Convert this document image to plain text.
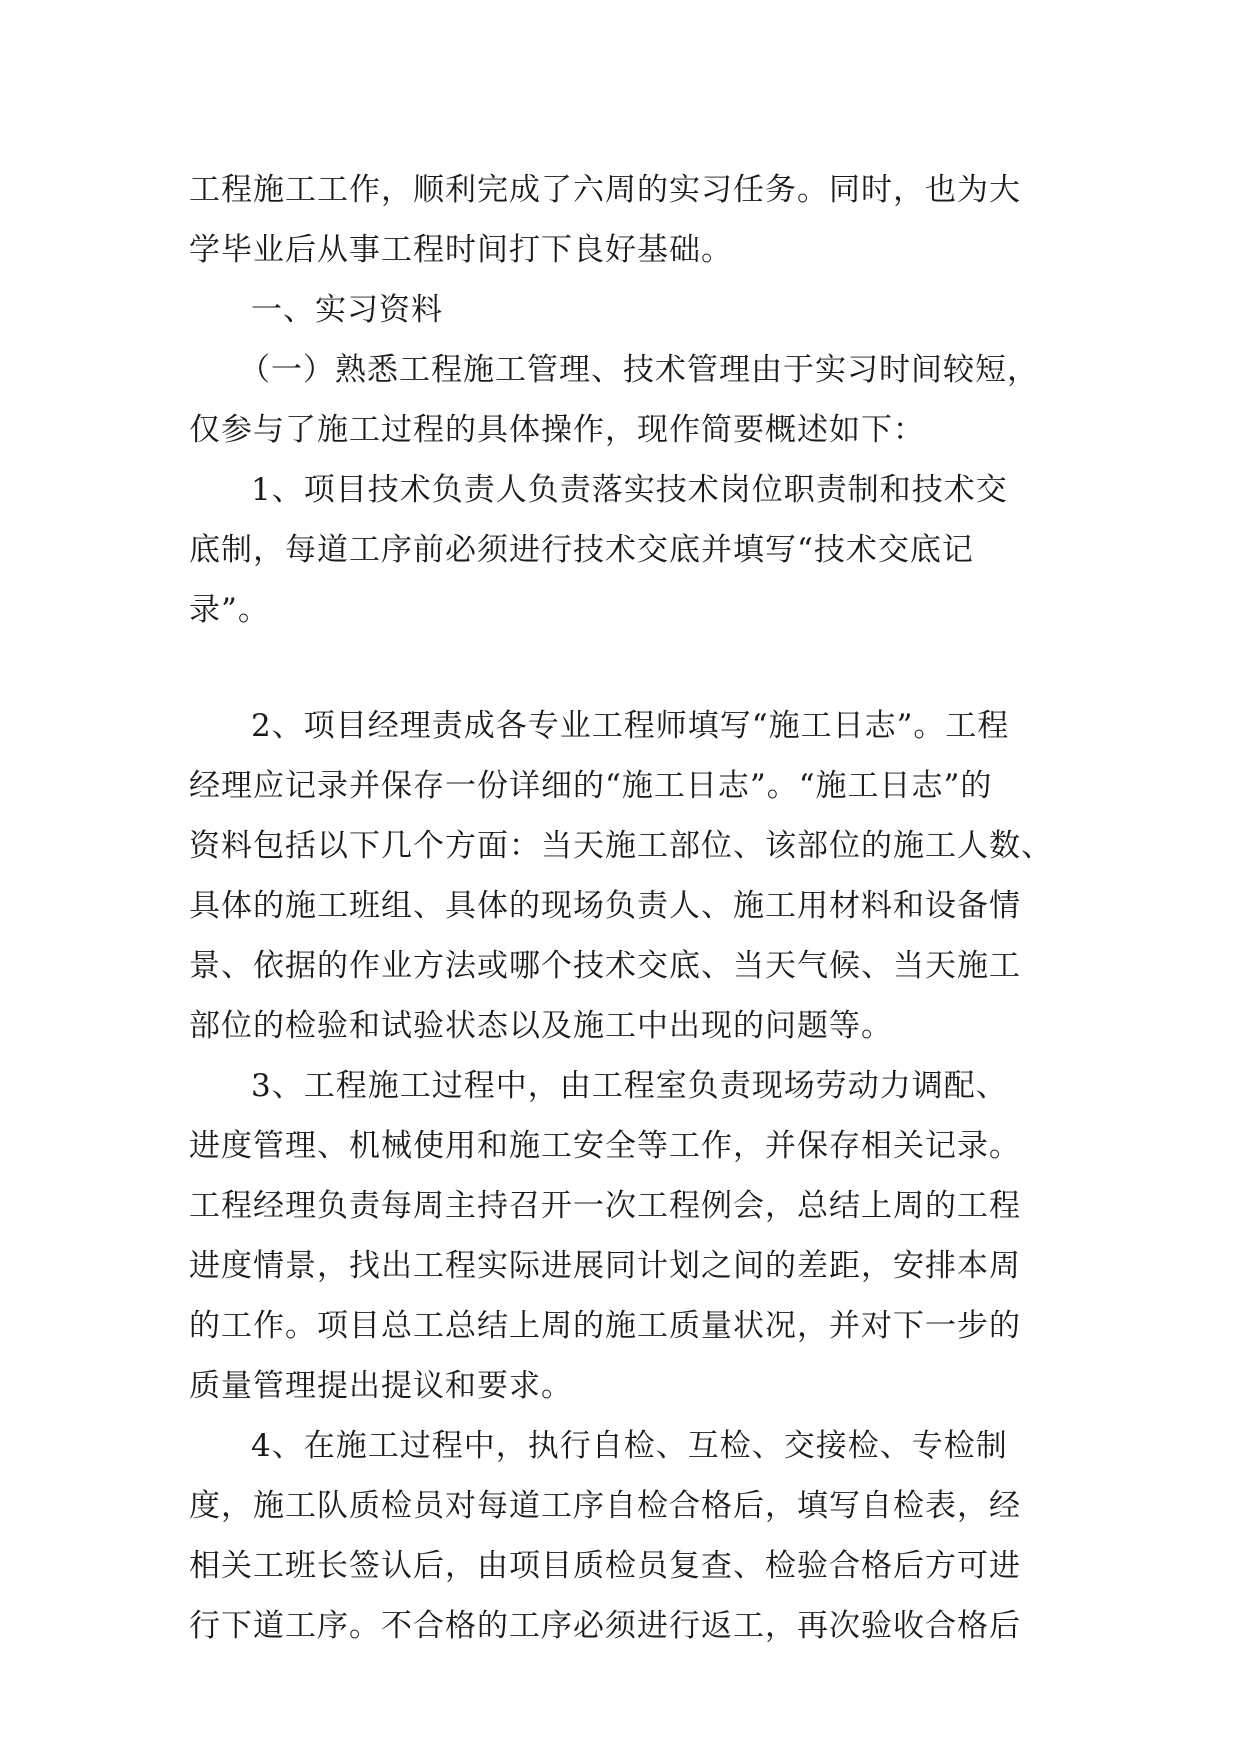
工程施工工作，顺利完成了六周的实习任务。同时，也为大
学毕业后从事工程时间打下良好基础。
一、实习资料
（一）熟悉工程施工管理、技术管理由于实习时间较短，
仅参与了施工过程的具体操作，现作简要概述如下：
1、项目技术负责人负责落实技术岗位职责制和技术交
底制，每道工序前必须进行技术交底并填写“技术交底记
录”。
2、项目经理责成各专业工程师填写“施工日志”。工程
经理应记录并保存一份详细的“施工日志”。“施工日志”的
资料包括以下几个方面：当天施工部位、该部位的施工人数、
具体的施工班组、具体的现场负责人、施工用材料和设备情
景、依据的作业方法或哪个技术交底、当天气候、当天施工
部位的检验和试验状态以及施工中出现的问题等。
3、工程施工过程中，由工程室负责现场劳动力调配、
进度管理、机械使用和施工安全等工作，并保存相关记录。
工程经理负责每周主持召开一次工程例会，总结上周的工程
进度情景，找出工程实际进展同计划之间的差距，安排本周
的工作。项目总工总结上周的施工质量状况，并对下一步的
质量管理提出提议和要求。
4、在施工过程中，执行自检、互检、交接检、专检制
度，施工队质检员对每道工序自检合格后，填写自检表，经
相关工班长签认后，由项目质检员复查、检验合格后方可进
行下道工序。不合格的工序必须进行返工，再次验收合格后
